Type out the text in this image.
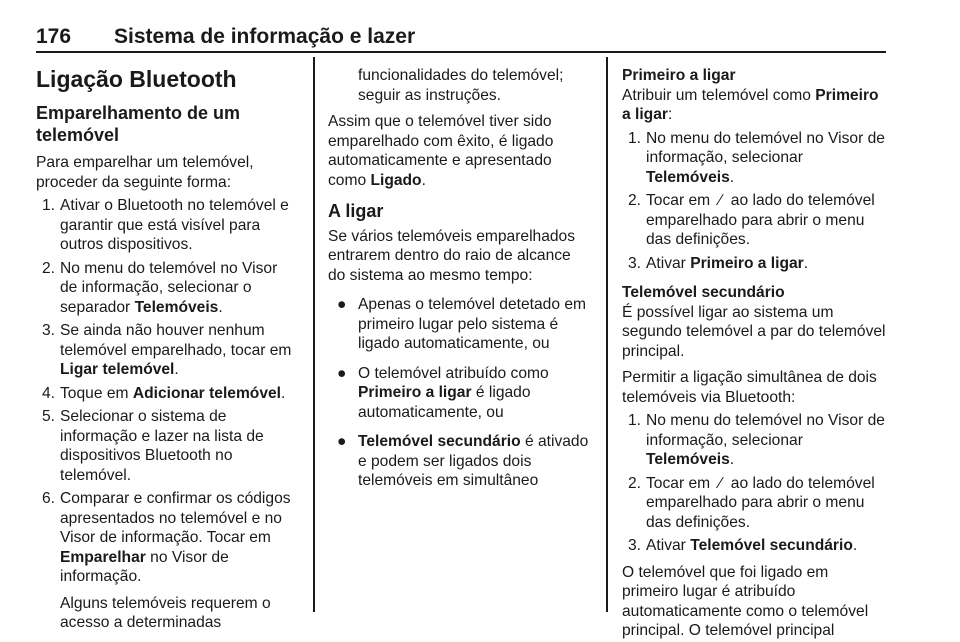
176 Sistema de informação e lazer
Ligação Bluetooth
Emparelhamento de um telemóvel

Para emparelhar um telemóvel, proceder da seguinte forma:

1. Ativar o Bluetooth no telemóvel e garantir que está visível para outros dispositivos.
2. No menu do telemóvel no Visor de informação, selecionar o separador Telemóveis.
3. Se ainda não houver nenhum telemóvel emparelhado, tocar em Ligar telemóvel.
4. Toque em Adicionar telemóvel.
5. Selecionar o sistema de informação e lazer na lista de dispositivos Bluetooth no telemóvel.
6. Comparar e confirmar os códigos apresentados no telemóvel e no Visor de informação. Tocar em Emparelhar no Visor de informação.

Alguns telemóveis requerem o acesso a determinadas

funcionalidades do telemóvel; seguir as instruções.

Assim que o telemóvel tiver sido emparelhado com êxito, é ligado automaticamente e apresentado como Ligado.

A ligar

Se vários telemóveis emparelhados entrarem dentro do raio de alcance do sistema ao mesmo tempo:

● Apenas o telemóvel detetado em primeiro lugar pelo sistema é ligado automaticamente, ou
● O telemóvel atribuído como Primeiro a ligar é ligado automaticamente, ou
● Telemóvel secundário é ativado e podem ser ligados dois telemóveis em simultâneo
Primeiro a ligar

Atribuir um telemóvel como Primeiro a ligar:

1. No menu do telemóvel no Visor de informação, selecionar Telemóveis.
2. Tocar em ∕ ao lado do telemóvel emparelhado para abrir o menu das definições.
3. Ativar Primeiro a ligar.
Telemóvel secundário

É possível ligar ao sistema um segundo telemóvel a par do telemóvel principal.

Permitir a ligação simultânea de dois telemóveis via Bluetooth:

1. No menu do telemóvel no Visor de informação, selecionar Telemóveis.
2. Tocar em ∕ ao lado do telemóvel emparelhado para abrir o menu das definições.
3. Ativar Telemóvel secundário.

O telemóvel que foi ligado em primeiro lugar é atribuído automaticamente como o telemóvel principal. O telemóvel principal
